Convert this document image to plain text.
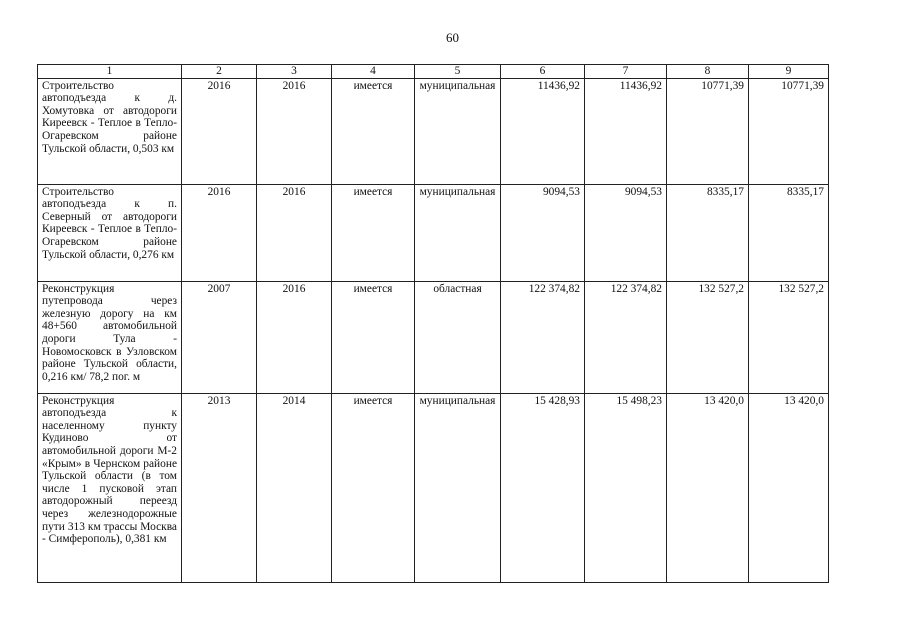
60
1	2	3	4	5	6	7	8	9
Строительство автоподъезда к д. Хомутовка от автодороги Киреевск - Теплое в Тепло-Огаревском районе Тульской области, 0,503 км	2016	2016	имеется	муниципальная	11436,92	11436,92	10771,39	10771,39
Строительство автоподъезда к п. Северный от автодороги Киреевск - Теплое в Тепло-Огаревском районе Тульской области, 0,276 км	2016	2016	имеется	муниципальная	9094,53	9094,53	8335,17	8335,17
Реконструкция путепровода через железную дорогу на км 48+560 автомобильной дороги Тула - Новомосковск в Узловском районе Тульской области, 0,216 км/ 78,2 пог. м	2007	2016	имеется	областная	122 374,82	122 374,82	132 527,2	132 527,2
Реконструкция автоподъезда к населенному пункту Кудиново от автомобильной дороги М-2 «Крым» в Чернском районе Тульской области (в том числе 1 пусковой этап автодорожный переезд через железнодорожные пути 313 км трассы Москва - Симферополь), 0,381 км	2013	2014	имеется	муниципальная	15 428,93	15 498,23	13 420,0	13 420,0
